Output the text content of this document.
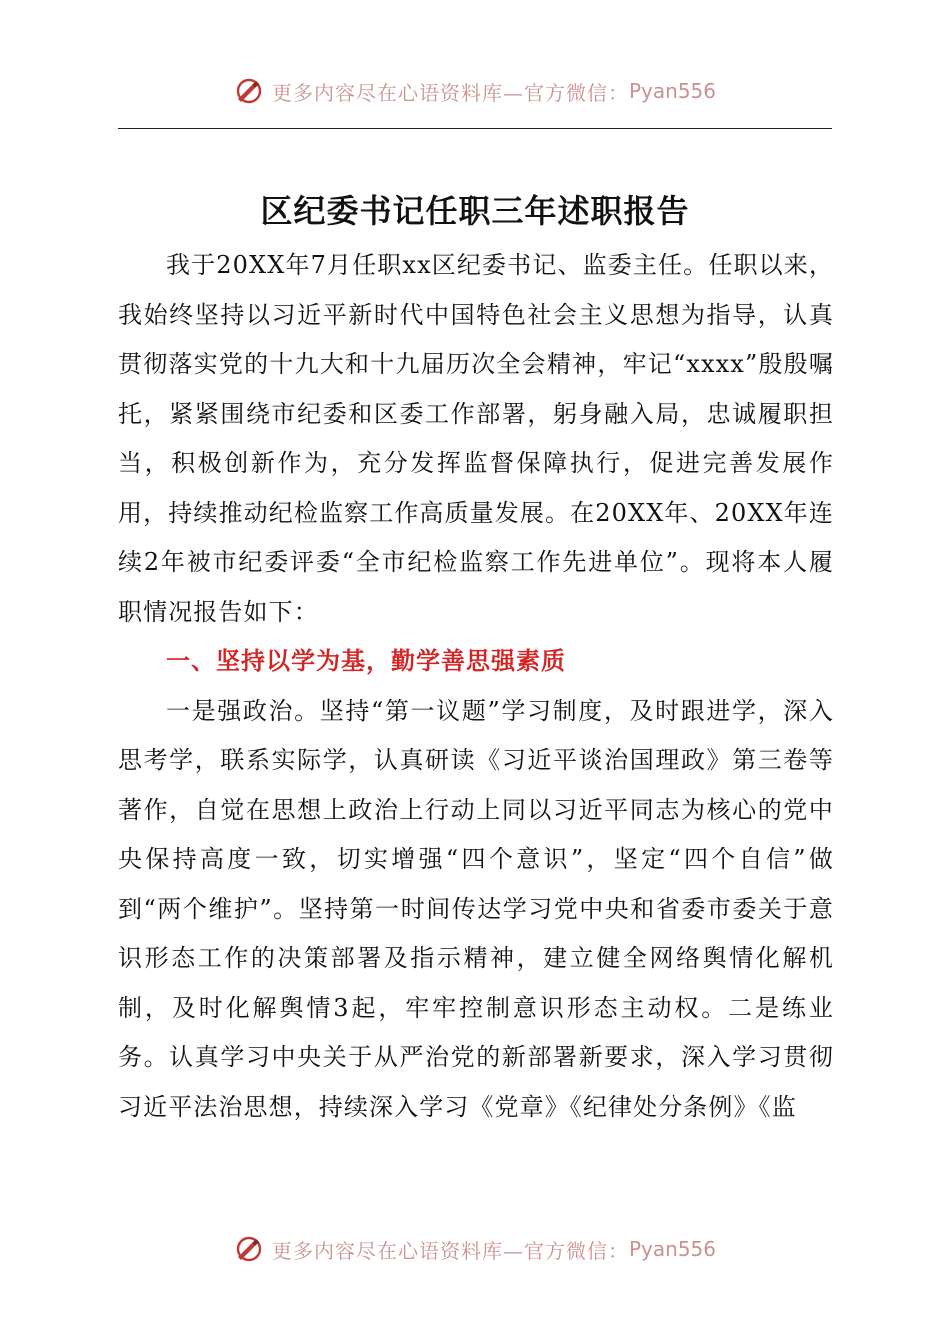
更多内容尽在心语资料库—官方微信： Pyan556
区纪委书记任职三年述职报告

我于20XX年7月任职xx区纪委书记、监委主任。任职以来，我始终坚持以习近平新时代中国特色社会主义思想为指导，认真贯彻落实党的十九大和十九届历次全会精神，牢记“xxxx”殷殷嘱托，紧紧围绕市纪委和区委工作部署，躬身融入局，忠诚履职担当，积极创新作为，充分发挥监督保障执行，促进完善发展作用，持续推动纪检监察工作高质量发展。在20XX年、20XX年连续2年被市纪委评委“全市纪检监察工作先进单位”。现将本人履职情况报告如下：

一、坚持以学为基，勤学善思强素质

一是强政治。坚持“第一议题”学习制度，及时跟进学，深入思考学，联系实际学，认真研读《习近平谈治国理政》第三卷等著作，自觉在思想上政治上行动上同以习近平同志为核心的党中央保持高度一致，切实增强“四个意识”，坚定“四个自信”做到“两个维护”。坚持第一时间传达学习党中央和省委市委关于意识形态工作的决策部署及指示精神，建立健全网络舆情化解机制，及时化解舆情3起，牢牢控制意识形态主动权。二是练业务。认真学习中央关于从严治党的新部署新要求，深入学习贯彻习近平法治思想，持续深入学习《党章》《纪律处分条例》《监

更多内容尽在心语资料库—官方微信： Pyan556
